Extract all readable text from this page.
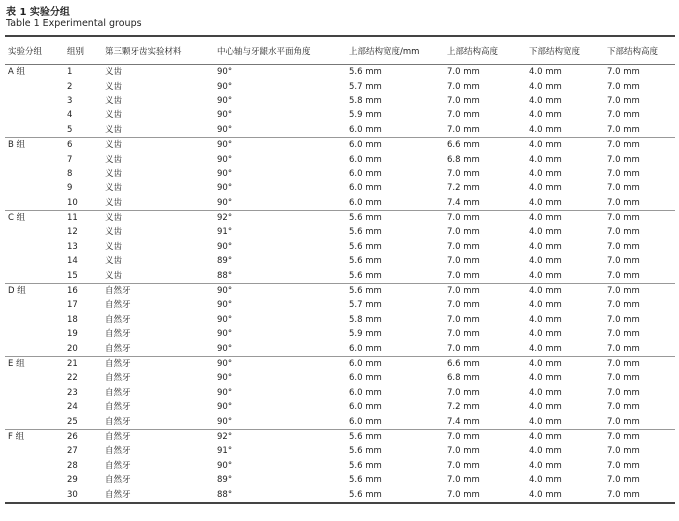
表 1 实验分组
Table 1 Experimental groups
实验分组	组别	第三颗牙齿实验材料	中心轴与牙龈水平面角度	上部结构宽度/mm	上部结构高度	下部结构宽度	下部结构高度
A 组	1	义齿	90°	5.6 mm	7.0 mm	4.0 mm	7.0 mm
	2	义齿	90°	5.7 mm	7.0 mm	4.0 mm	7.0 mm
	3	义齿	90°	5.8 mm	7.0 mm	4.0 mm	7.0 mm
	4	义齿	90°	5.9 mm	7.0 mm	4.0 mm	7.0 mm
	5	义齿	90°	6.0 mm	7.0 mm	4.0 mm	7.0 mm
B 组	6	义齿	90°	6.0 mm	6.6 mm	4.0 mm	7.0 mm
	7	义齿	90°	6.0 mm	6.8 mm	4.0 mm	7.0 mm
	8	义齿	90°	6.0 mm	7.0 mm	4.0 mm	7.0 mm
	9	义齿	90°	6.0 mm	7.2 mm	4.0 mm	7.0 mm
	10	义齿	90°	6.0 mm	7.4 mm	4.0 mm	7.0 mm
C 组	11	义齿	92°	5.6 mm	7.0 mm	4.0 mm	7.0 mm
	12	义齿	91°	5.6 mm	7.0 mm	4.0 mm	7.0 mm
	13	义齿	90°	5.6 mm	7.0 mm	4.0 mm	7.0 mm
	14	义齿	89°	5.6 mm	7.0 mm	4.0 mm	7.0 mm
	15	义齿	88°	5.6 mm	7.0 mm	4.0 mm	7.0 mm
D 组	16	自然牙	90°	5.6 mm	7.0 mm	4.0 mm	7.0 mm
	17	自然牙	90°	5.7 mm	7.0 mm	4.0 mm	7.0 mm
	18	自然牙	90°	5.8 mm	7.0 mm	4.0 mm	7.0 mm
	19	自然牙	90°	5.9 mm	7.0 mm	4.0 mm	7.0 mm
	20	自然牙	90°	6.0 mm	7.0 mm	4.0 mm	7.0 mm
E 组	21	自然牙	90°	6.0 mm	6.6 mm	4.0 mm	7.0 mm
	22	自然牙	90°	6.0 mm	6.8 mm	4.0 mm	7.0 mm
	23	自然牙	90°	6.0 mm	7.0 mm	4.0 mm	7.0 mm
	24	自然牙	90°	6.0 mm	7.2 mm	4.0 mm	7.0 mm
	25	自然牙	90°	6.0 mm	7.4 mm	4.0 mm	7.0 mm
F 组	26	自然牙	92°	5.6 mm	7.0 mm	4.0 mm	7.0 mm
	27	自然牙	91°	5.6 mm	7.0 mm	4.0 mm	7.0 mm
	28	自然牙	90°	5.6 mm	7.0 mm	4.0 mm	7.0 mm
	29	自然牙	89°	5.6 mm	7.0 mm	4.0 mm	7.0 mm
	30	自然牙	88°	5.6 mm	7.0 mm	4.0 mm	7.0 mm
